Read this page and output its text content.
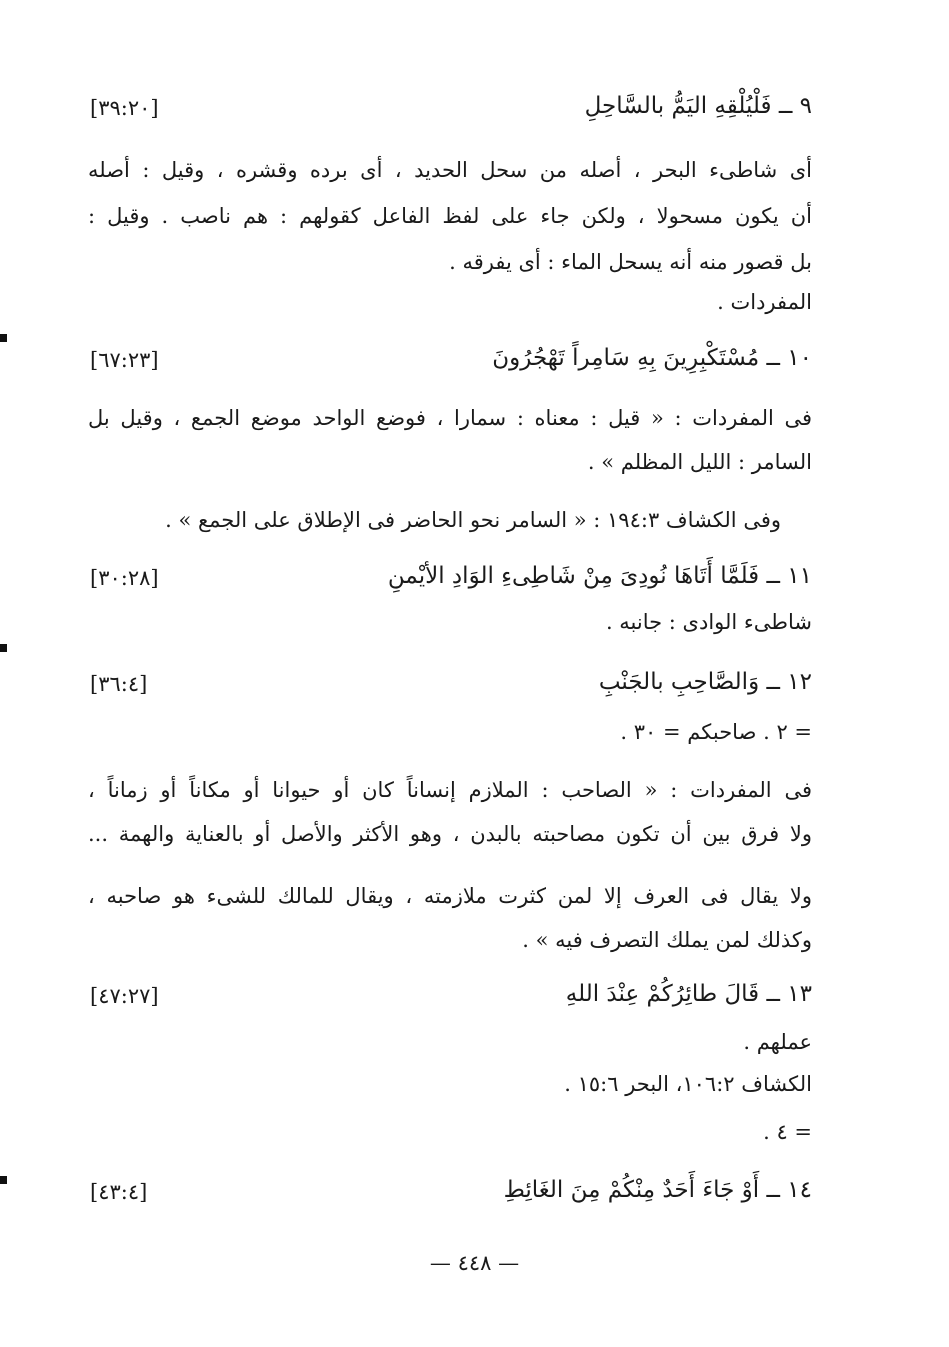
٩ ــ فَلْيُلْقِهِ اليَمُّ بالسَّاحِلِ
[٣٩:٢٠]
أى شاطىء البحر ، أصله من سحل الحديد ، أى برده وقشره ، وقيل : أصله
أن يكون مسحولا ، ولكن جاء على لفظ الفاعل كقولهم : هم ناصب . وقيل :
بل قصور منه أنه يسحل الماء : أى يفرقه .
المفردات .
١٠ ــ مُسْتَكْبِرِينَ بِهِ سَامِراً تَهْجُرُونَ
[٦٧:٢٣]
فى المفردات : « قيل : معناه : سمارا ، فوضع الواحد موضع الجمع ، وقيل بل
السامر : الليل المظلم » .
وفى الكشاف ١٩٤:٣ : « السامر نحو الحاضر فى الإطلاق على الجمع » .
١١ ــ فَلَمَّا أَتَاهَا نُودِىَ مِنْ شَاطِىءِ الوَادِ الأيْمنِ
[٣٠:٢٨]
شاطىء الوادى : جانبه .
١٢ ــ وَالصَّاحِبِ بالجَنْبِ
[٣٦:٤]
= ٢ . صاحبكم = ٣٠ .
فى المفردات : « الصاحب : الملازم إنساناً كان أو حيوانا أو مكاناً أو زماناً ،
ولا فرق بين أن تكون مصاحبته بالبدن ، وهو الأكثر والأصل أو بالعناية والهمة ...
ولا يقال فى العرف إلا لمن كثرت ملازمته ، ويقال للمالك للشىء هو صاحبه ،
وكذلك لمن يملك التصرف فيه » .
١٣ ــ قَالَ طائِرُكُمْ عِنْدَ اللهِ
[٤٧:٢٧]
عملهم .
الكشاف ١٠٦:٢، البحر ١٥:٦ .
= ٤ .
١٤ ــ أَوْ جَاءَ أَحَدٌ مِنْكُمْ مِنَ الغَائِطِ
[٤٣:٤]
— ٤٤٨ —
